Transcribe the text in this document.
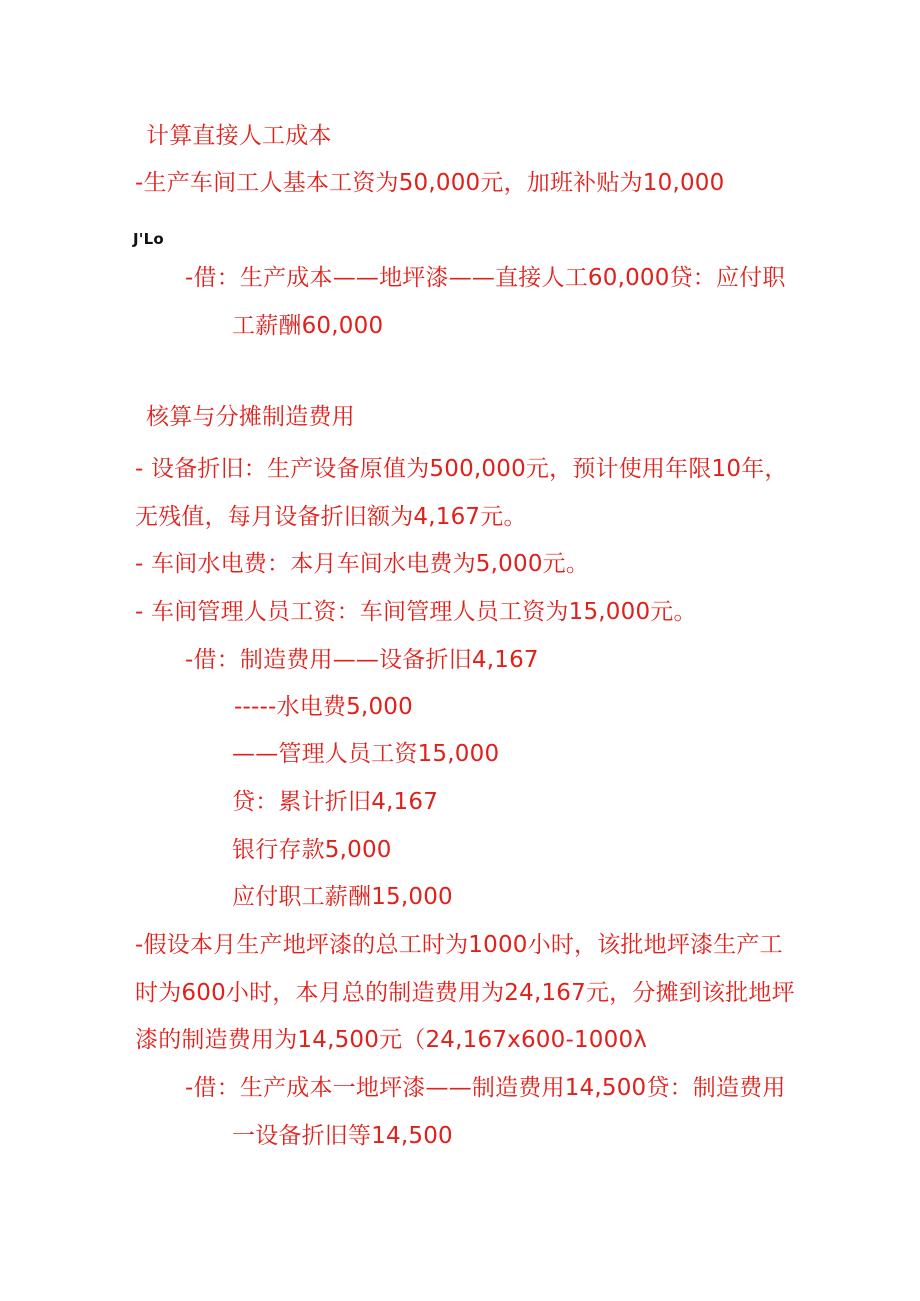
计算直接人工成本
-生产车间工人基本工资为50,000元，加班补贴为10,000
J'Lo
-借：生产成本——地坪漆——直接人工60,000贷：应付职
工薪酬60,000
核算与分摊制造费用
- 设备折旧：生产设备原值为500,000元，预计使用年限10年，
无残值，每月设备折旧额为4,167元。
- 车间水电费：本月车间水电费为5,000元。
- 车间管理人员工资：车间管理人员工资为15,000元。
-借：制造费用——设备折旧4,167
-----水电费5,000
——管理人员工资15,000
贷：累计折旧4,167
银行存款5,000
应付职工薪酬15,000
-假设本月生产地坪漆的总工时为1000小时，该批地坪漆生产工
时为600小时，本月总的制造费用为24,167元，分摊到该批地坪
漆的制造费用为14,500元（24,167x600-1000λ
-借：生产成本一地坪漆——制造费用14,500贷：制造费用
一设备折旧等14,500
